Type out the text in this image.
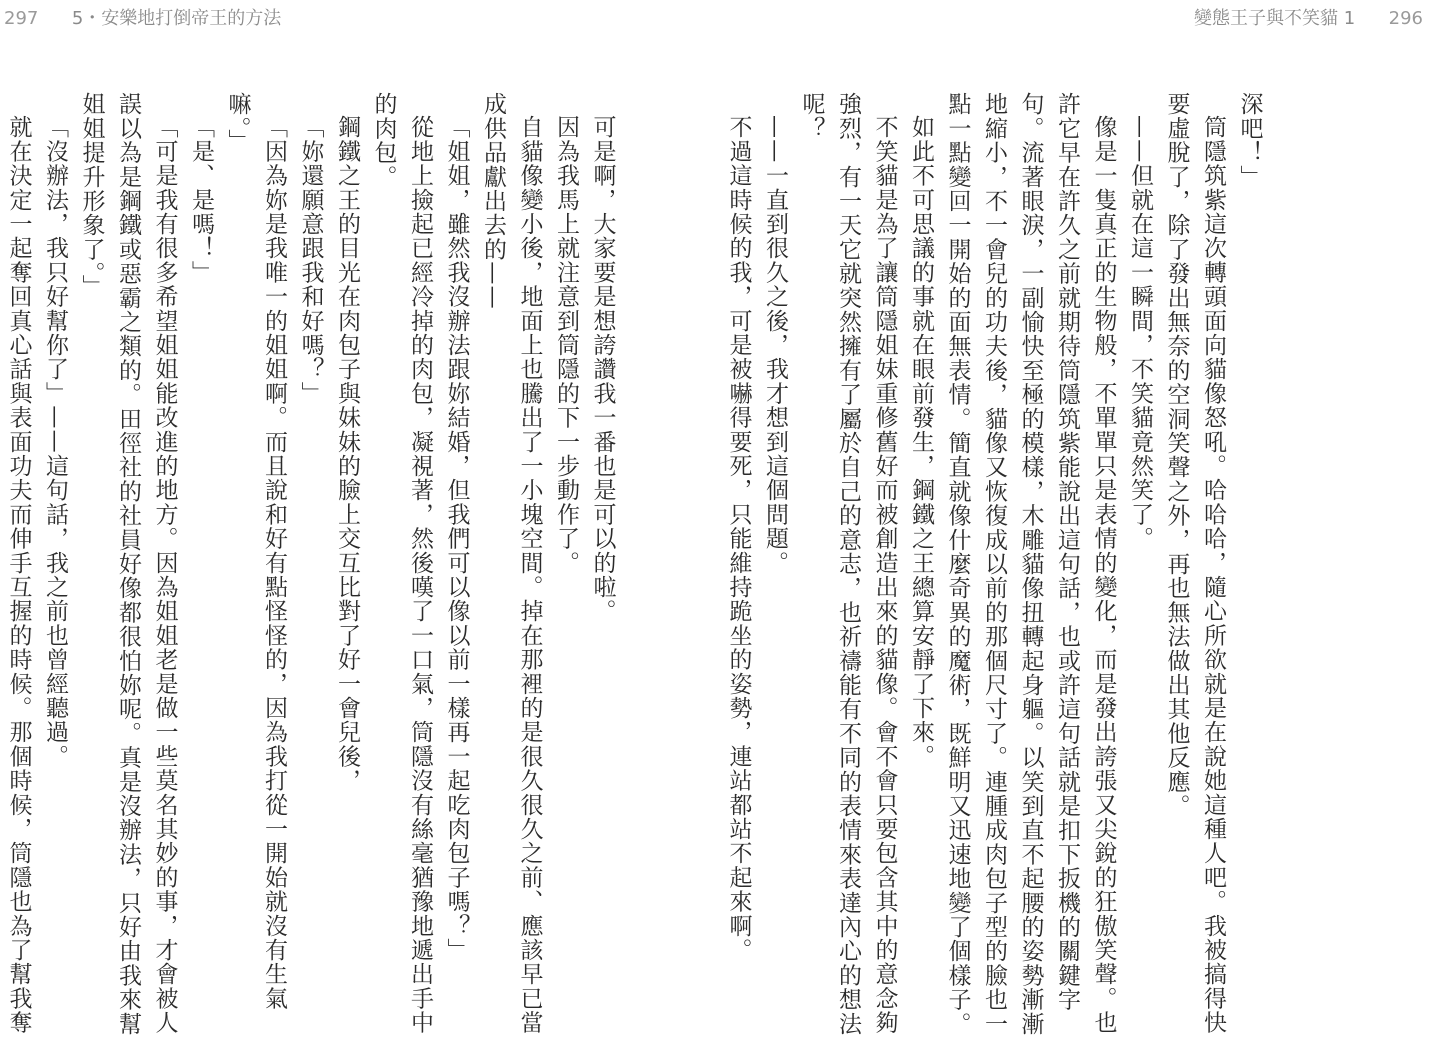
297 5・安樂地打倒帝王的方法	變態王子與不笑貓 1 296

深吧！」

筒隱筑紫這次轉頭面向貓像怒吼。哈哈哈，隨心所欲就是在說她這種人吧。我被搞得快要虛脫了，除了發出無奈的空洞笑聲之外，再也無法做出其他反應。

——但就在這一瞬間，不笑貓竟然笑了。

像是一隻真正的生物般，不單單只是表情的變化，而是發出誇張又尖銳的狂傲笑聲。也許它早在許久之前就期待筒隱筑紫能說出這句話，也或許這句話就是扣下扳機的關鍵字句。流著眼淚，一副愉快至極的模樣，木雕貓像扭轉起身軀。以笑到直不起腰的姿勢漸漸地縮小，不一會兒的功夫後，貓像又恢復成以前的那個尺寸了。連腫成肉包子型的臉也一點一點變回一開始的面無表情。簡直就像什麼奇異的魔術，既鮮明又迅速地變了個樣子。

如此不可思議的事就在眼前發生，鋼鐵之王總算安靜了下來。

不笑貓是為了讓筒隱姐妹重修舊好而被創造出來的貓像。會不會只要包含其中的意念夠強烈，有一天它就突然擁有了屬於自己的意志，也祈禱能有不同的表情來表達內心的想法呢？

——一直到很久之後，我才想到這個問題。

不過這時候的我，可是被嚇得要死，只能維持跪坐的姿勢，連站都站不起來啊。

可是啊，大家要是想誇讚我一番也是可以的啦。

因為我馬上就注意到筒隱的下一步動作了。

自貓像變小後，地面上也騰出了一小塊空間。掉在那裡的是很久很久之前、應該早已當成供品獻出去的——

「姐姐，雖然我沒辦法跟妳結婚，但我們可以像以前一樣再一起吃肉包子嗎？」

從地上撿起已經冷掉的肉包，凝視著，然後嘆了一口氣，筒隱沒有絲毫猶豫地遞出手中的肉包。

鋼鐵之王的目光在肉包子與妹妹的臉上交互比對了好一會兒後，

「妳還願意跟我和好嗎？」

「因為妳是我唯一的姐姐啊。而且說和好有點怪怪的，因為我打從一開始就沒有生氣嘛。」

「是、是嗎！」

「可是我有很多希望姐姐能改進的地方。因為姐姐老是做一些莫名其妙的事，才會被人誤以為是鋼鐵或惡霸之類的。田徑社的社員好像都很怕妳呢。真是沒辦法，只好由我來幫姐姐提升形象了。」

「沒辦法，我只好幫你了」——這句話，我之前也曾經聽過。

就在決定一起奪回真心話與表面功夫而伸手互握的時候。那個時候，筒隱也為了幫我奪
